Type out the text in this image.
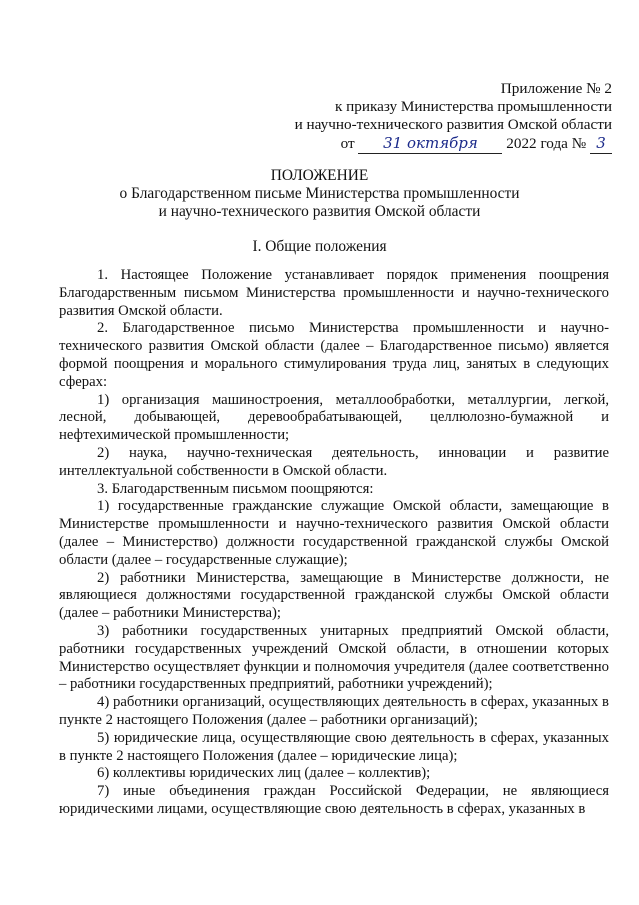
Приложение № 2
к приказу Министерства промышленности
и научно-технического развития Омской области
от 31 октября 2022 года № 3
ПОЛОЖЕНИЕ
о Благодарственном письме Министерства промышленности
и научно-технического развития Омской области
I. Общие положения

1. Настоящее Положение устанавливает порядок применения поощрения Благодарственным письмом Министерства промышленности и научно-технического развития Омской области.

2. Благодарственное письмо Министерства промышленности и научно-технического развития Омской области (далее – Благодарственное письмо) является формой поощрения и морального стимулирования труда лиц, занятых в следующих сферах:

1) организация машиностроения, металлообработки, металлургии, легкой, лесной, добывающей, деревообрабатывающей, целлюлозно-бумажной и нефтехимической промышленности;

2) наука, научно-техническая деятельность, инновации и развитие интеллектуальной собственности в Омской области.

3. Благодарственным письмом поощряются:

1) государственные гражданские служащие Омской области, замещающие в Министерстве промышленности и научно-технического развития Омской области (далее – Министерство) должности государственной гражданской службы Омской области (далее – государственные служащие);

2) работники Министерства, замещающие в Министерстве должности, не являющиеся должностями государственной гражданской службы Омской области (далее – работники Министерства);

3) работники государственных унитарных предприятий Омской области, работники государственных учреждений Омской области, в отношении которых Министерство осуществляет функции и полномочия учредителя (далее соответственно – работники государственных предприятий, работники учреждений);

4) работники организаций, осуществляющих деятельность в сферах, указанных в пункте 2 настоящего Положения (далее – работники организаций);

5) юридические лица, осуществляющие свою деятельность в сферах, указанных в пункте 2 настоящего Положения (далее – юридические лица);

6) коллективы юридических лиц (далее – коллектив);

7) иные объединения граждан Российской Федерации, не являющиеся юридическими лицами, осуществляющие свою деятельность в сферах, указанных в
